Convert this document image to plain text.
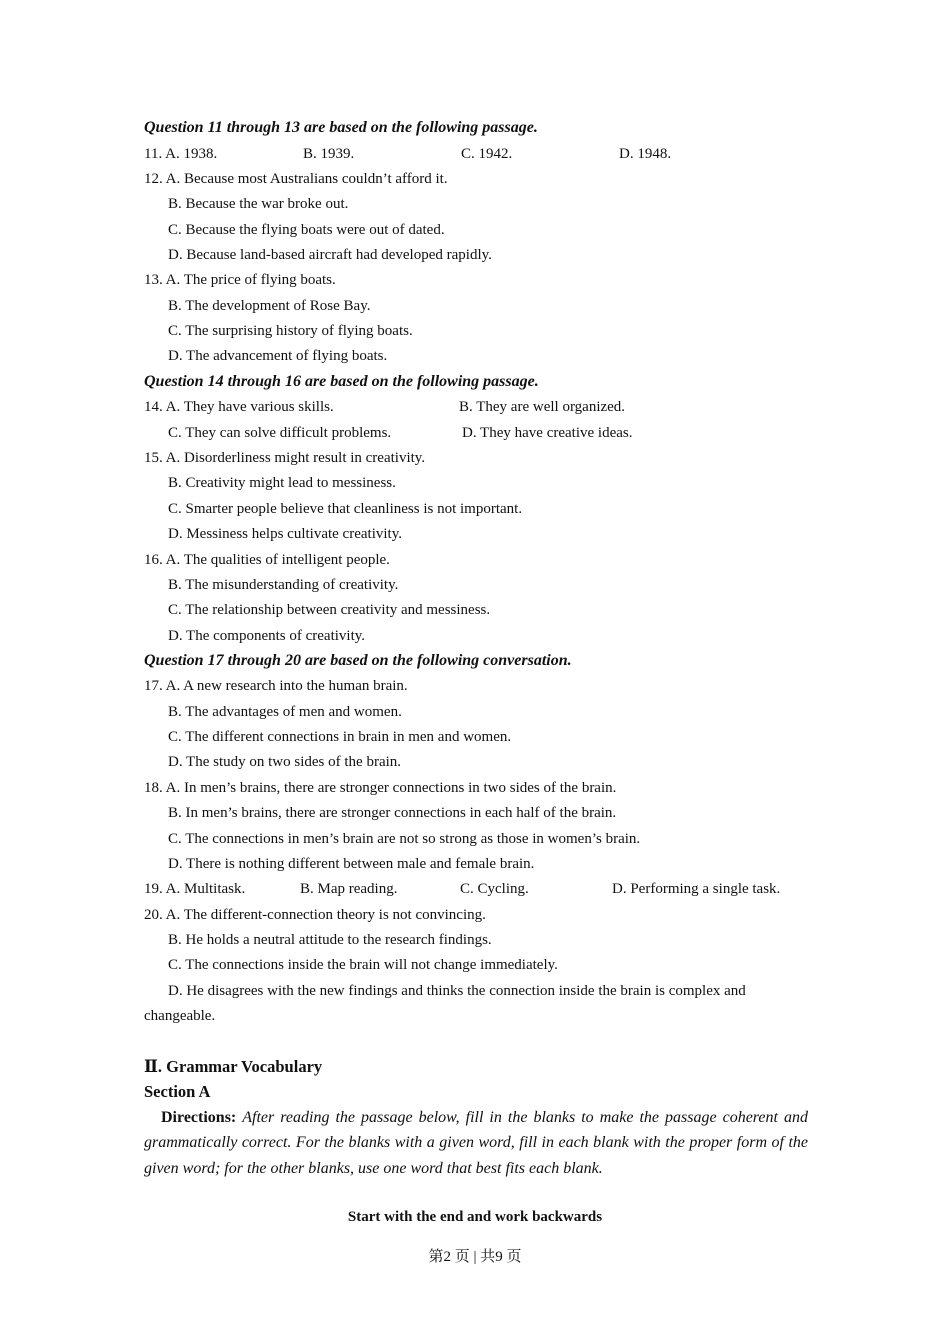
Question 11 through 13 are based on the following passage.
11. A. 1938.	B. 1939.	C. 1942.	D. 1948.
12. A. Because most Australians couldn’t afford it.
B. Because the war broke out.
C. Because the flying boats were out of dated.
D. Because land-based aircraft had developed rapidly.
13. A. The price of flying boats.
B. The development of Rose Bay.
C. The surprising history of flying boats.
D. The advancement of flying boats.
Question 14 through 16 are based on the following passage.
14. A. They have various skills.	B. They are well organized.
C. They can solve difficult problems.	D. They have creative ideas.
15. A. Disorderliness might result in creativity.
B. Creativity might lead to messiness.
C. Smarter people believe that cleanliness is not important.
D. Messiness helps cultivate creativity.
16. A. The qualities of intelligent people.
B. The misunderstanding of creativity.
C. The relationship between creativity and messiness.
D. The components of creativity.
Question 17 through 20 are based on the following conversation.
17. A. A new research into the human brain.
B. The advantages of men and women.
C. The different connections in brain in men and women.
D. The study on two sides of the brain.
18. A. In men’s brains, there are stronger connections in two sides of the brain.
B. In men’s brains, there are stronger connections in each half of the brain.
C. The connections in men’s brain are not so strong as those in women’s brain.
D. There is nothing different between male and female brain.
19. A. Multitask.	B. Map reading.	C. Cycling.	D. Performing a single task.
20. A. The different-connection theory is not convincing.
B. He holds a neutral attitude to the research findings.
C. The connections inside the brain will not change immediately.
D. He disagrees with the new findings and thinks the connection inside the brain is complex and
changeable.
Ⅱ. Grammar Vocabulary
Section A
Directions: After reading the passage below, fill in the blanks to make the passage coherent and grammatically correct. For the blanks with a given word, fill in each blank with the proper form of the given word; for the other blanks, use one word that best fits each blank.
Start with the end and work backwards
第2 页 | 共9 页
